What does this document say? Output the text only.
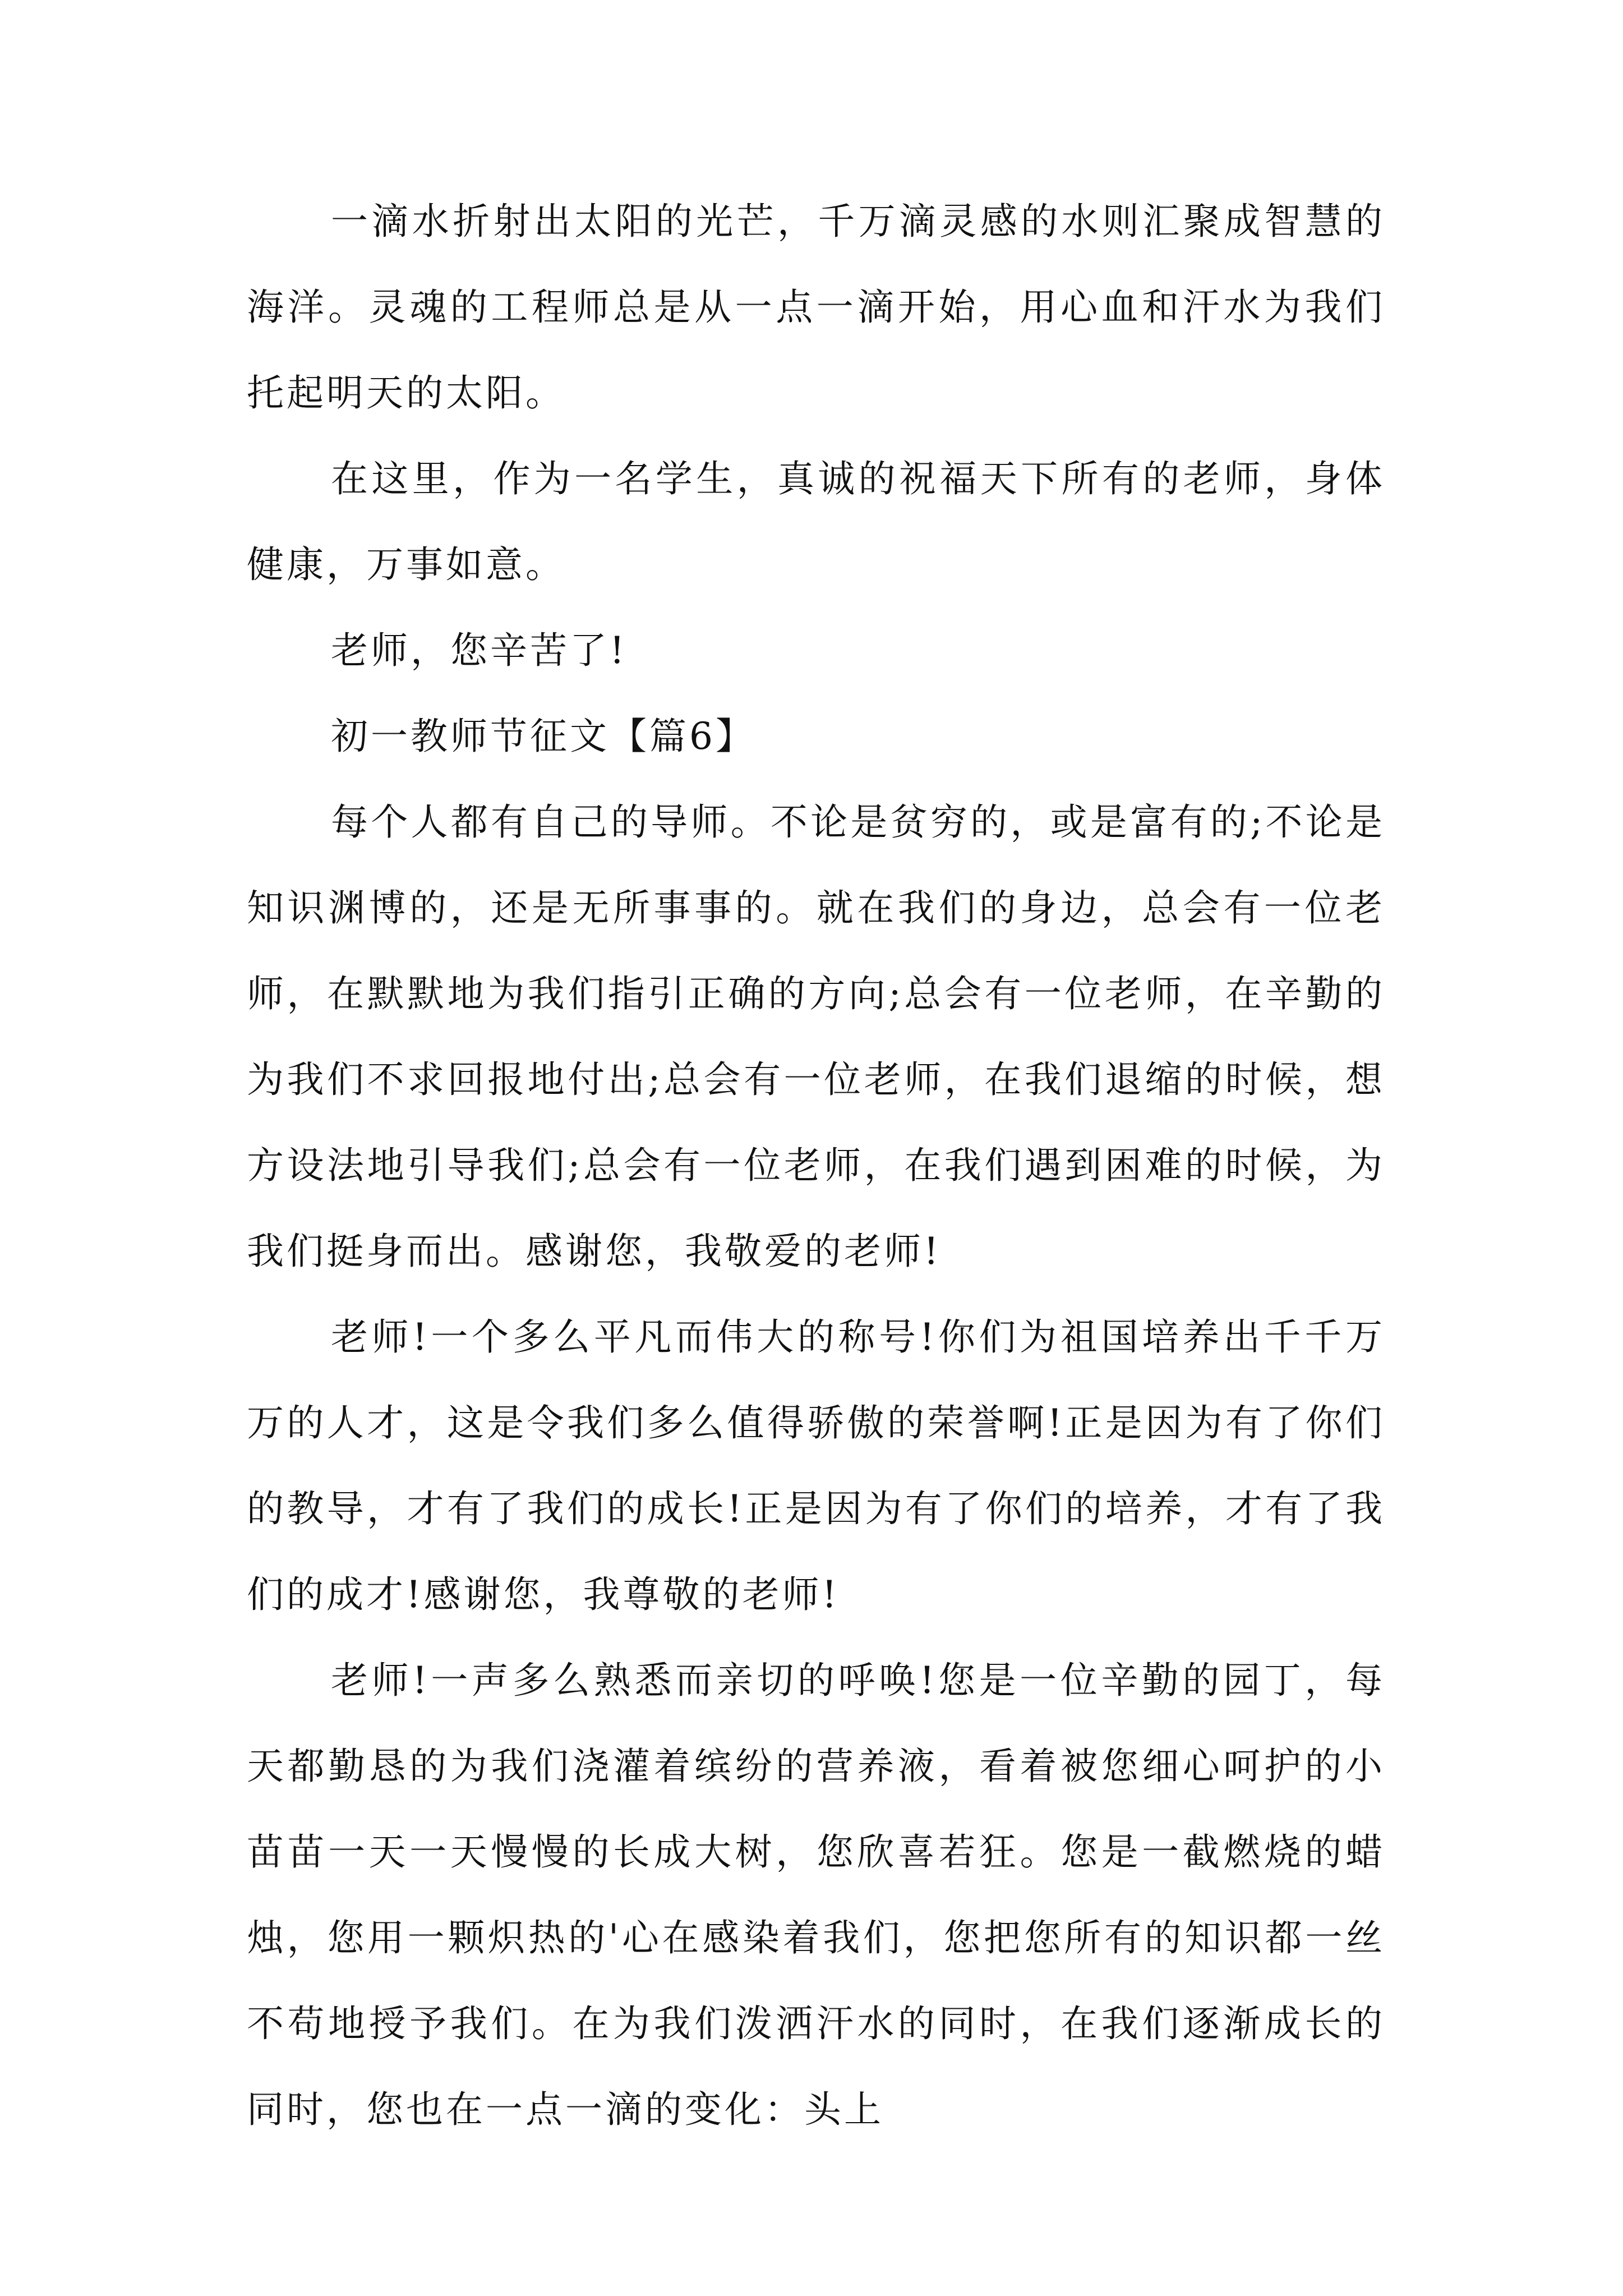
一滴水折射出太阳的光芒，千万滴灵感的水则汇聚成智慧的海洋。灵魂的工程师总是从一点一滴开始，用心血和汗水为我们托起明天的太阳。

在这里，作为一名学生，真诚的祝福天下所有的老师，身体健康，万事如意。

老师，您辛苦了!

初一教师节征文【篇6】

每个人都有自己的导师。不论是贫穷的，或是富有的;不论是知识渊博的，还是无所事事的。就在我们的身边，总会有一位老师，在默默地为我们指引正确的方向;总会有一位老师，在辛勤的为我们不求回报地付出;总会有一位老师，在我们退缩的时候，想方设法地引导我们;总会有一位老师，在我们遇到困难的时候，为我们挺身而出。感谢您，我敬爱的老师!

老师!一个多么平凡而伟大的称号!你们为祖国培养出千千万万的人才，这是令我们多么值得骄傲的荣誉啊!正是因为有了你们的教导，才有了我们的成长!正是因为有了你们的培养，才有了我们的成才!感谢您，我尊敬的老师!

老师!一声多么熟悉而亲切的呼唤!您是一位辛勤的园丁，每天都勤恳的为我们浇灌着缤纷的营养液，看着被您细心呵护的小苗苗一天一天慢慢的长成大树，您欣喜若狂。您是一截燃烧的蜡烛，您用一颗炽热的'心在感染着我们，您把您所有的知识都一丝不苟地授予我们。在为我们泼洒汗水的同时，在我们逐渐成长的同时，您也在一点一滴的变化：头上
